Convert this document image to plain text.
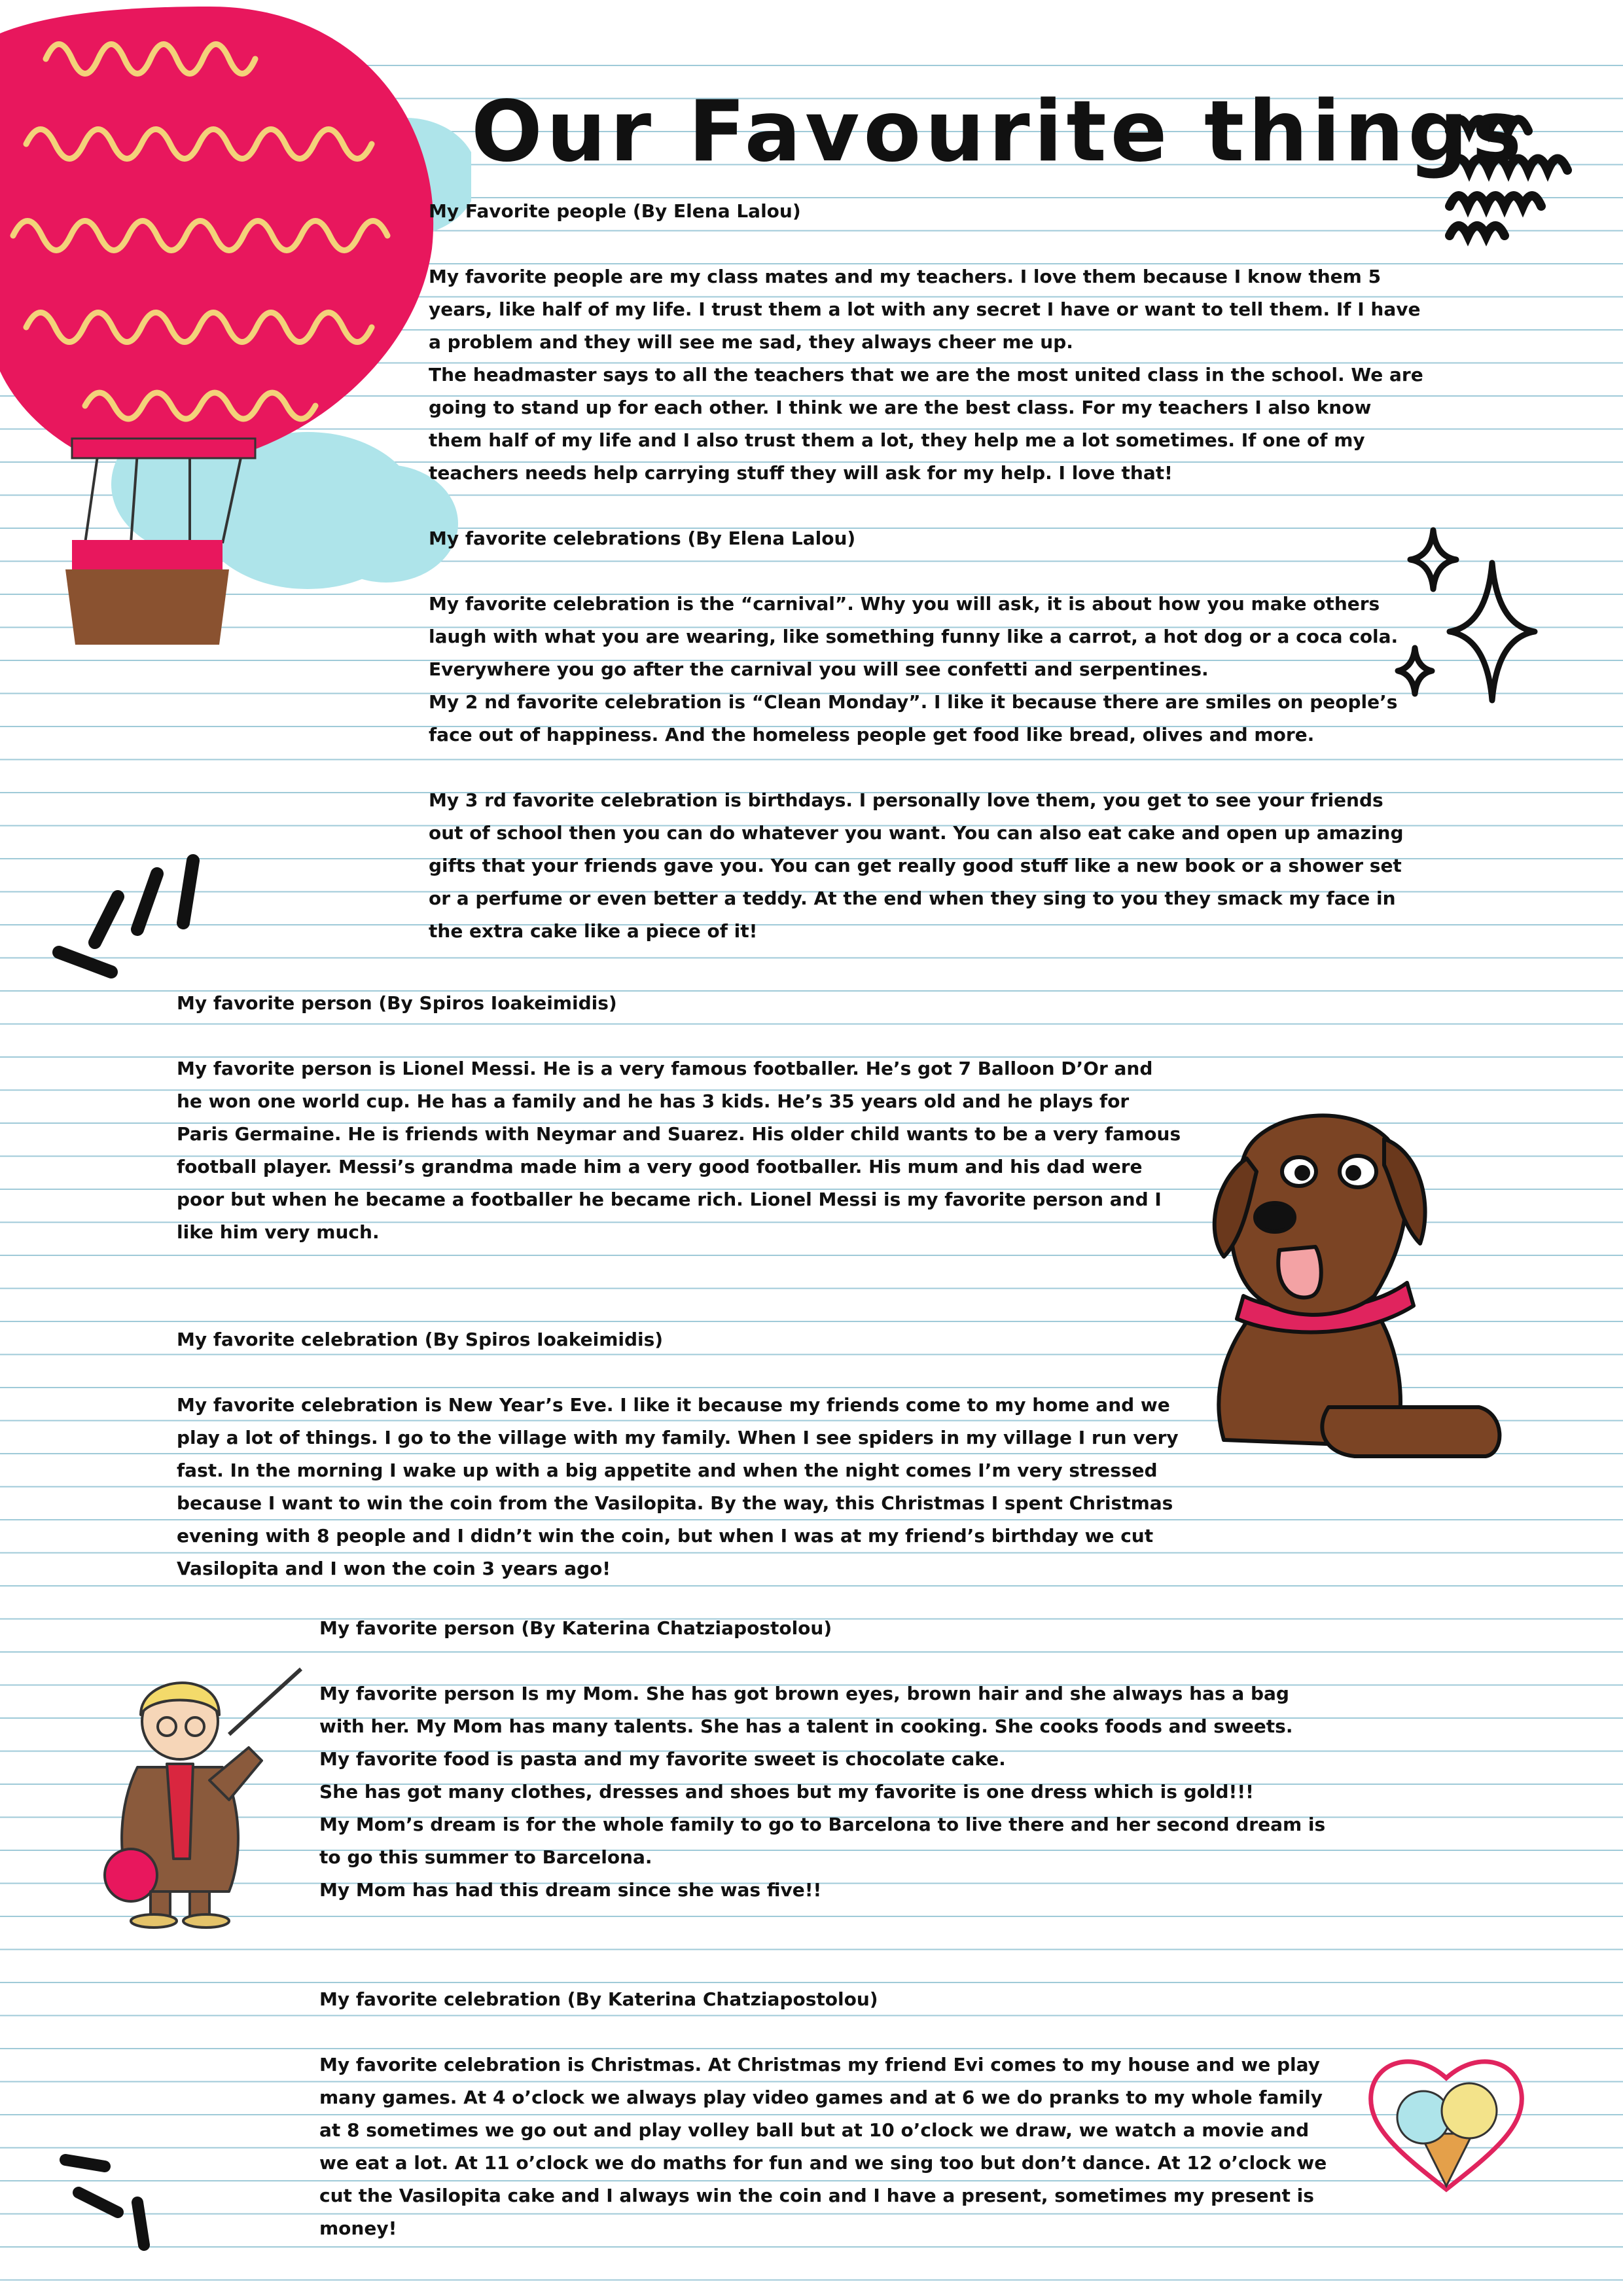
Our Favourite things

My Favorite people (By Elena Lalou)

My favorite people are my class mates and my teachers. I love them because I know them 5 years, like half of my life. I trust them a lot with any secret I have or want to tell them. If I have a problem and they will see me sad, they always cheer me up.

The headmaster says to all the teachers that we are the most united class in the school. We are going to stand up for each other. I think we are the best class. For my teachers I also know them half of my life and I also trust them a lot, they help me a lot sometimes. If one of my teachers needs help carrying stuff they will ask for my help. I love that!

My favorite celebrations (By Elena Lalou)

My favorite celebration is the “carnival”. Why you will ask, it is about how you make others laugh with what you are wearing, like something funny like a carrot, a hot dog or a coca cola. Everywhere you go after the carnival you will see confetti and serpentines.

My 2 nd favorite celebration is “Clean Monday”. I like it because there are smiles on people’s face out of happiness. And the homeless people get food like bread, olives and more.

My 3 rd favorite celebration is birthdays. I personally love them, you get to see your friends out of school then you can do whatever you want. You can also eat cake and open up amazing gifts that your friends gave you. You can get really good stuff like a new book or a shower set or a perfume or even better a teddy. At the end when they sing to you they smack my face in the extra cake like a piece of it!

My favorite person (By Spiros Ioakeimidis)

My favorite person is Lionel Messi. He is a very famous footballer. He’s got 7 Balloon D’Or and he won one world cup. He has a family and he has 3 kids. He’s 35 years old and he plays for Paris Germaine. He is friends with Neymar and Suarez. His older child wants to be a very famous football player. Messi’s grandma made him a very good footballer. His mum and his dad were poor but when he became a footballer he became rich. Lionel Messi is my favorite person and I like him very much.

My favorite celebration (By Spiros Ioakeimidis)

My favorite celebration is New Year’s Eve. I like it because my friends come to my home and we play a lot of things. I go to the village with my family. When I see spiders in my village I run very fast. In the morning I wake up with a big appetite and when the night comes I’m very stressed because I want to win the coin from the Vasilopita. By the way, this Christmas I spent Christmas evening with 8 people and I didn’t win the coin, but when I was at my friend’s birthday we cut Vasilopita and I won the coin 3 years ago!

My favorite person (By Katerina Chatziapostolou)

My favorite person Is my Mom. She has got brown eyes, brown hair and she always has a bag with her. My Mom has many talents. She has a talent in cooking. She cooks foods and sweets. My favorite food is pasta and my favorite sweet is chocolate cake.

She has got many clothes, dresses and shoes but my favorite is one dress which is gold!!!

My Mom’s dream is for the whole family to go to Barcelona to live there and her second dream is to go this summer to Barcelona.

My Mom has had this dream since she was five!!

My favorite celebration (By Katerina Chatziapostolou)

My favorite celebration is Christmas. At Christmas my friend Evi comes to my house and we play many games. At 4 o’clock we always play video games and at 6 we do pranks to my whole family at 8 sometimes we go out and play volley ball but at 10 o’clock we draw, we watch a movie and we eat a lot. At 11 o’clock we do maths for fun and we sing too but don’t dance. At 12 o’clock we cut the Vasilopita cake and I always win the coin and I have a present, sometimes my present is money!
